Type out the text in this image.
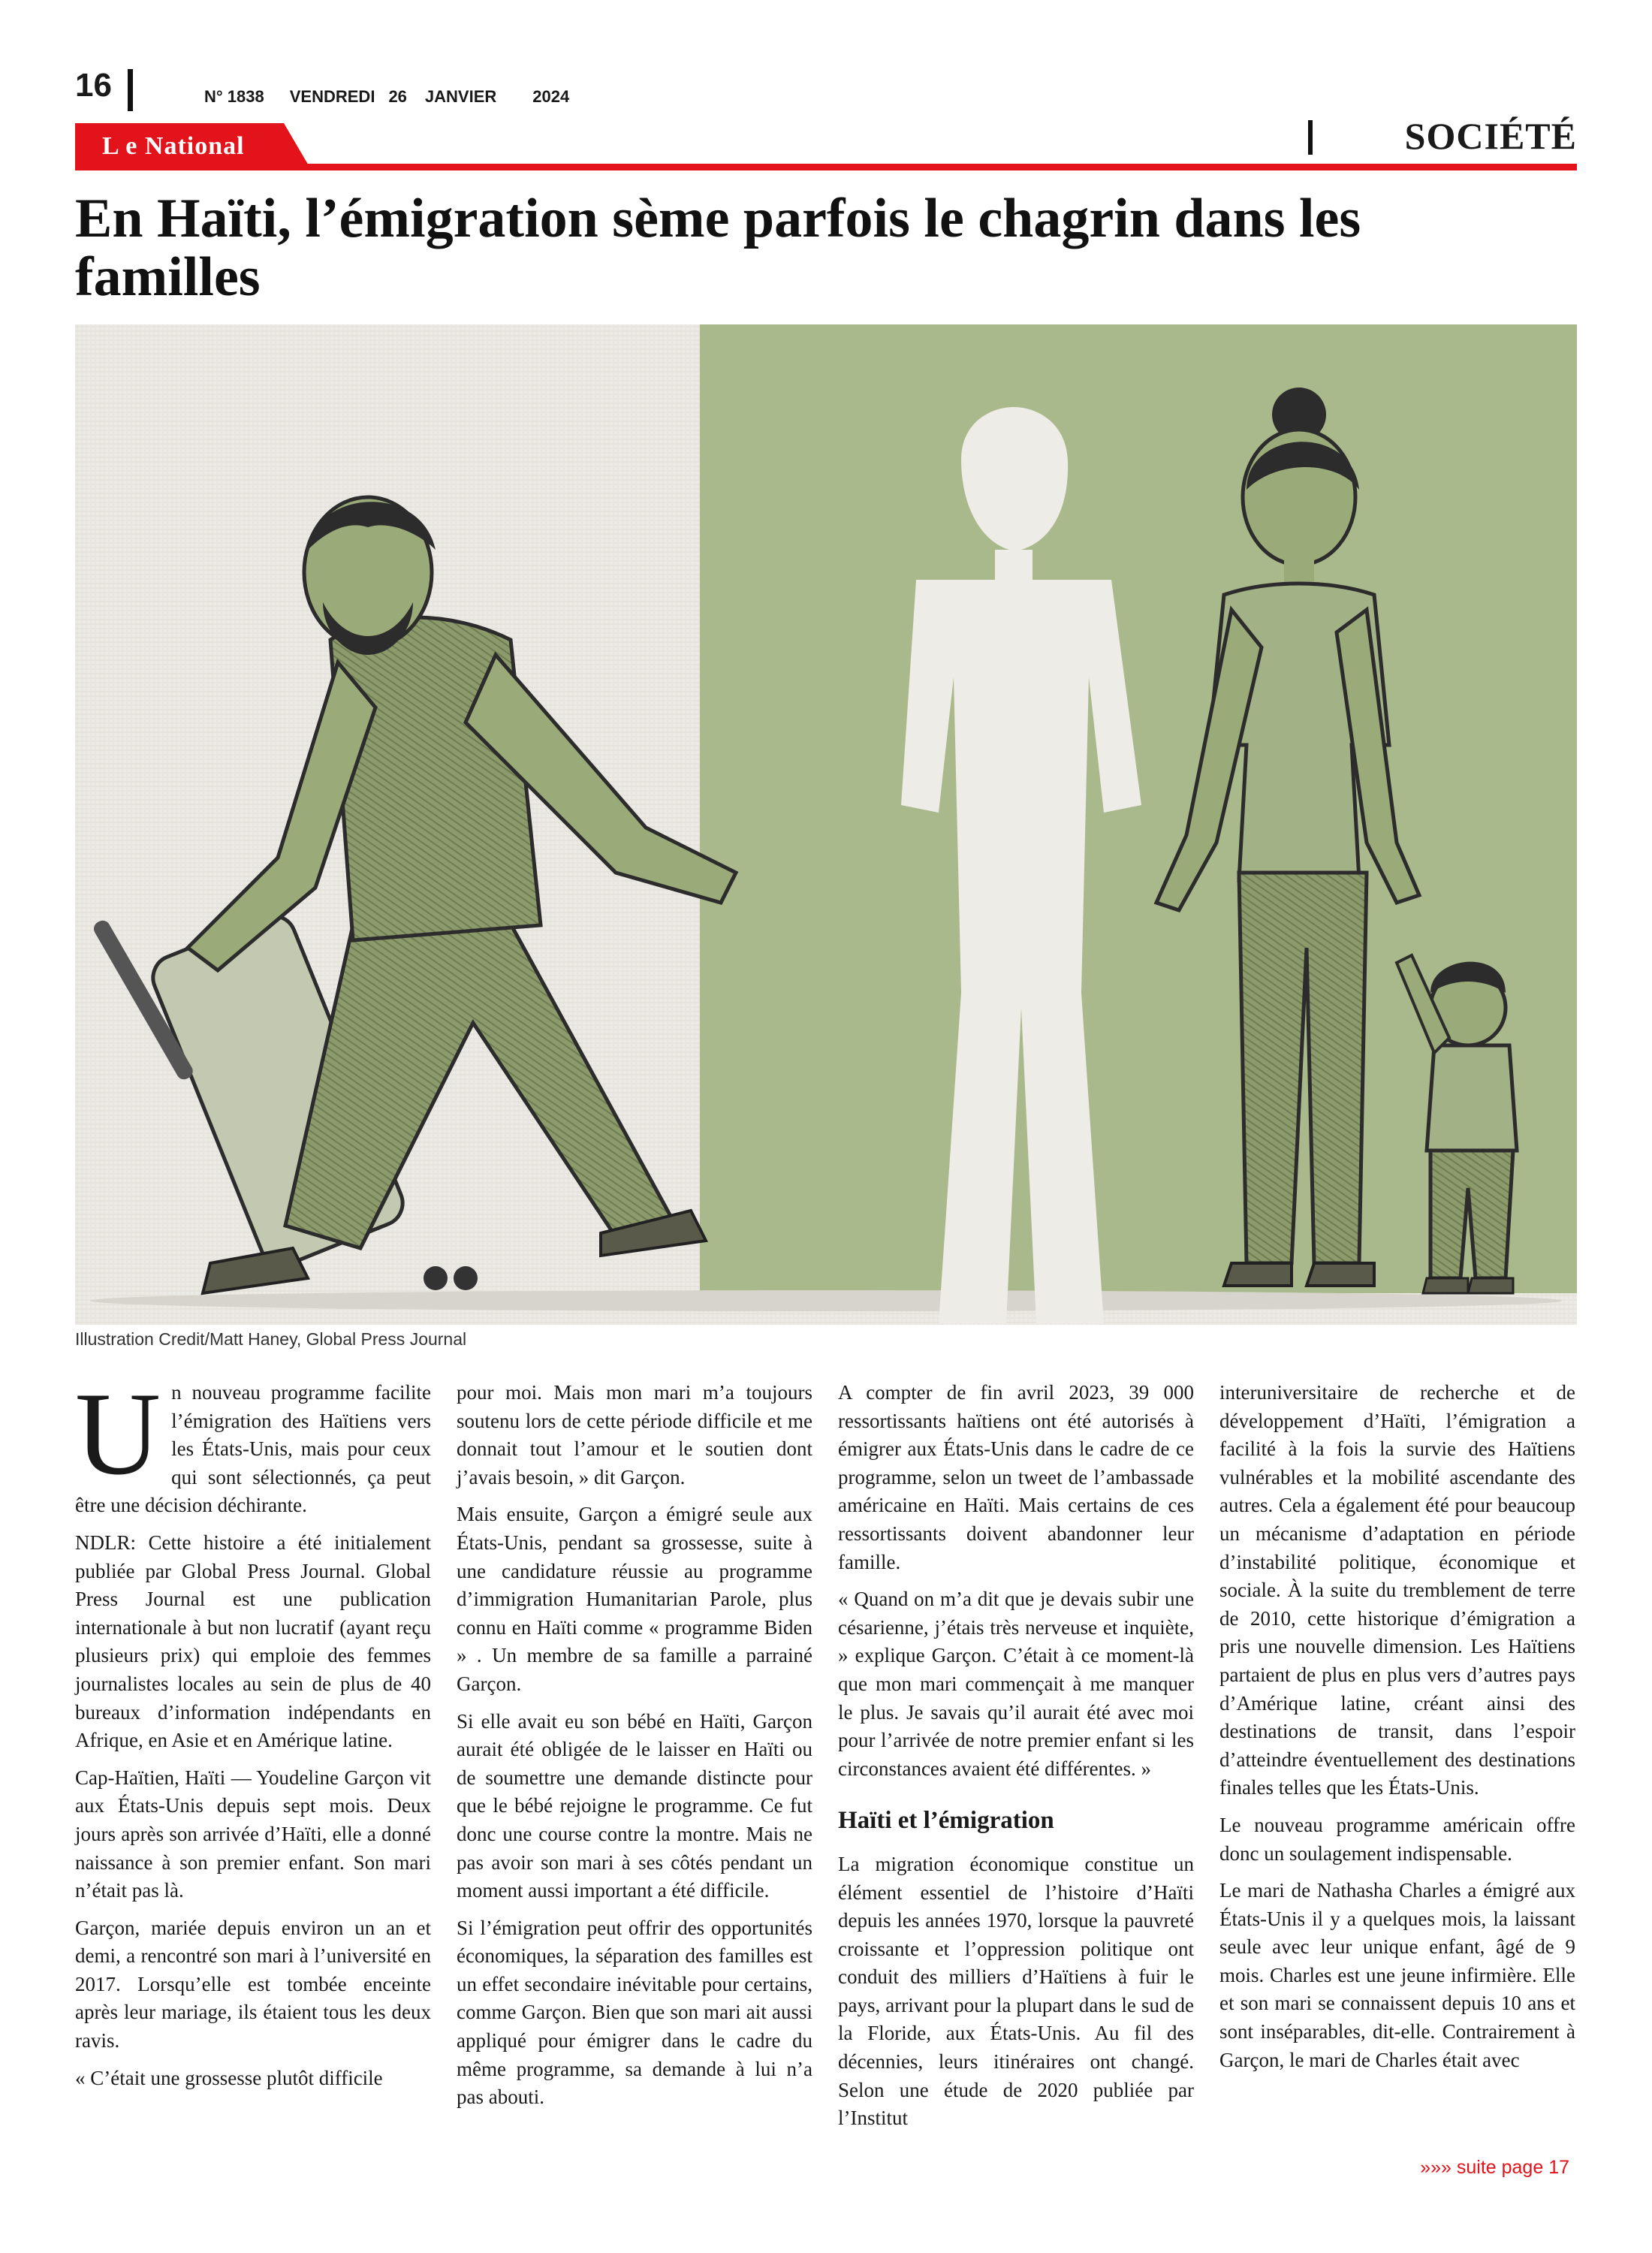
16	N° 1838 VENDREDI 26 JANVIER 2024
L e National	SOCIÉTÉ
En Haïti, l’émigration sème parfois le chagrin dans les familles
Illustration Credit/Matt Haney, Global Press Journal

Un nouveau programme facilite l’émigration des Haïtiens vers les États-Unis, mais pour ceux qui sont sélectionnés, ça peut être une décision déchirante.

NDLR: Cette histoire a été initialement publiée par Global Press Journal. Global Press Journal est une publication internationale à but non lucratif (ayant reçu plusieurs prix) qui emploie des femmes journalistes locales au sein de plus de 40 bureaux d’information indépendants en Afrique, en Asie et en Amérique latine.

Cap-Haïtien, Haïti — Youdeline Garçon vit aux États-Unis depuis sept mois. Deux jours après son arrivée d’Haïti, elle a donné naissance à son premier enfant. Son mari n’était pas là.

Garçon, mariée depuis environ un an et demi, a rencontré son mari à l’université en 2017. Lorsqu’elle est tombée enceinte après leur mariage, ils étaient tous les deux ravis.

« C’était une grossesse plutôt difficile

pour moi. Mais mon mari m’a toujours soutenu lors de cette période difficile et me donnait tout l’amour et le soutien dont j’avais besoin, » dit Garçon.

Mais ensuite, Garçon a émigré seule aux États-Unis, pendant sa grossesse, suite à une candidature réussie au programme d’immigration Humanitarian Parole, plus connu en Haïti comme « programme Biden » . Un membre de sa famille a parrainé Garçon.

Si elle avait eu son bébé en Haïti, Garçon aurait été obligée de le laisser en Haïti ou de soumettre une demande distincte pour que le bébé rejoigne le programme. Ce fut donc une course contre la montre. Mais ne pas avoir son mari à ses côtés pendant un moment aussi important a été difficile.

Si l’émigration peut offrir des opportunités économiques, la séparation des familles est un effet secondaire inévitable pour certains, comme Garçon. Bien que son mari ait aussi appliqué pour émigrer dans le cadre du même programme, sa demande à lui n’a pas abouti.

A compter de fin avril 2023, 39 000 ressortissants haïtiens ont été autorisés à émigrer aux États-Unis dans le cadre de ce programme, selon un tweet de l’ambassade américaine en Haïti. Mais certains de ces ressortissants doivent abandonner leur famille.

« Quand on m’a dit que je devais subir une césarienne, j’étais très nerveuse et inquiète, » explique Garçon. C’était à ce moment-là que mon mari commençait à me manquer le plus. Je savais qu’il aurait été avec moi pour l’arrivée de notre premier enfant si les circonstances avaient été différentes. »

Haïti et l’émigration

La migration économique constitue un élément essentiel de l’histoire d’Haïti depuis les années 1970, lorsque la pauvreté croissante et l’oppression politique ont conduit des milliers d’Haïtiens à fuir le pays, arrivant pour la plupart dans le sud de la Floride, aux États-Unis. Au fil des décennies, leurs itinéraires ont changé. Selon une étude de 2020 publiée par l’Institut

interuniversitaire de recherche et de développement d’Haïti, l’émigration a facilité à la fois la survie des Haïtiens vulnérables et la mobilité ascendante des autres. Cela a également été pour beaucoup un mécanisme d’adaptation en période d’instabilité politique, économique et sociale. À la suite du tremblement de terre de 2010, cette historique d’émigration a pris une nouvelle dimension. Les Haïtiens partaient de plus en plus vers d’autres pays d’Amérique latine, créant ainsi des destinations de transit, dans l’espoir d’atteindre éventuellement des destinations finales telles que les États-Unis.

Le nouveau programme américain offre donc un soulagement indispensable.

Le mari de Nathasha Charles a émigré aux États-Unis il y a quelques mois, la laissant seule avec leur unique enfant, âgé de 9 mois. Charles est une jeune infirmière. Elle et son mari se connaissent depuis 10 ans et sont inséparables, dit-elle. Contrairement à Garçon, le mari de Charles était avec

»»» suite page 17
